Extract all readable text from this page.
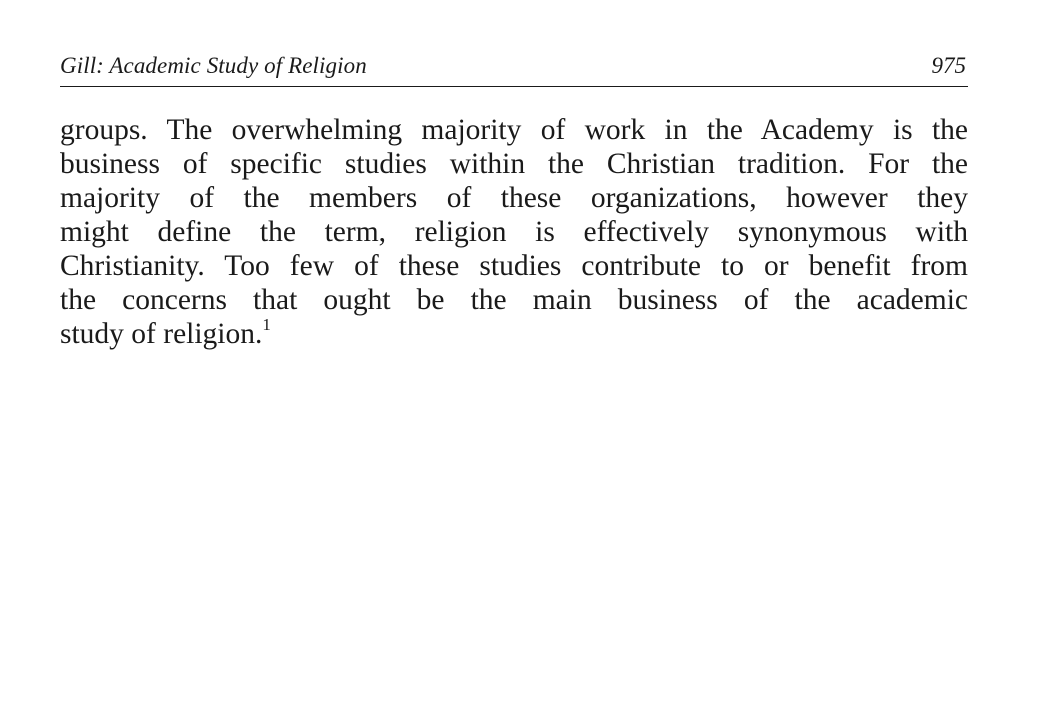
Gill: Academic Study of Religion	975
groups. The overwhelming majority of work in the Academy is the
business of specific studies within the Christian tradition. For the
majority of the members of these organizations, however they
might define the term, religion is effectively synonymous with
Christianity. Too few of these studies contribute to or benefit from
the concerns that ought be the main business of the academic
study of religion.$^1$
